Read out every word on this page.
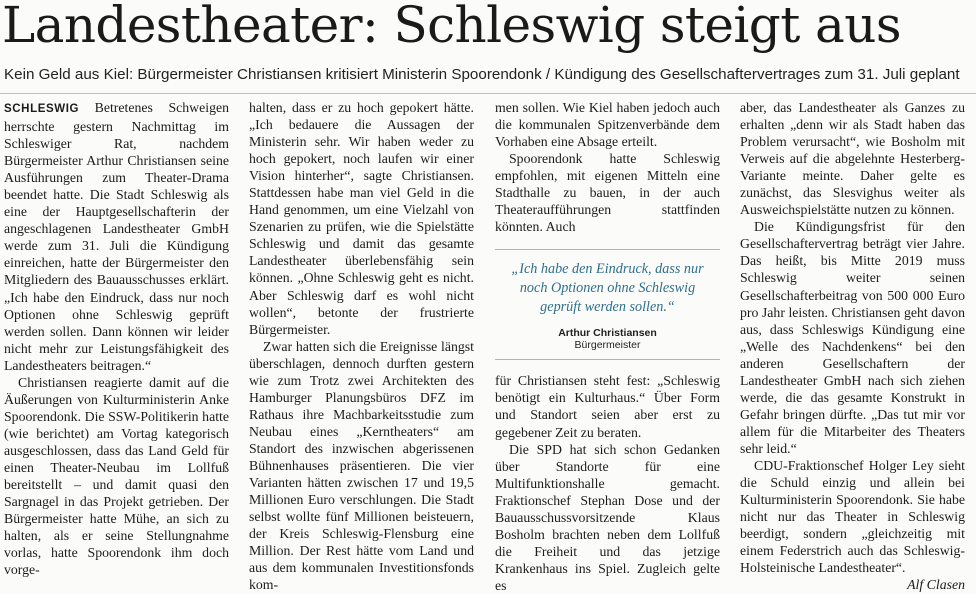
Landestheater: Schleswig steigt aus
Kein Geld aus Kiel: Bürgermeister Christiansen kritisiert Ministerin Spoorendonk / Kündigung des Gesellschaftervertrages zum 31. Juli geplant

SCHLESWIG Betretenes Schweigen herrschte gestern Nachmittag im Schleswiger Rat, nachdem Bürgermeister Arthur Christiansen seine Ausführungen zum Theater-Drama beendet hatte. Die Stadt Schleswig als eine der Hauptgesellschafterin der angeschlagenen Landestheater GmbH werde zum 31. Juli die Kündigung einreichen, hatte der Bürgermeister den Mitgliedern des Bauausschusses erklärt. „Ich habe den Eindruck, dass nur noch Optionen ohne Schleswig geprüft werden sollen. Dann können wir leider nicht mehr zur Leistungsfähigkeit des Landestheaters beitragen.“

Christiansen reagierte damit auf die Äußerungen von Kulturministerin Anke Spoorendonk. Die SSW-Politikerin hatte (wie berichtet) am Vortag kategorisch ausgeschlossen, dass das Land Geld für einen Theater-Neubau im Lollfuß bereitstellt – und damit quasi den Sargnagel in das Projekt getrieben. Der Bürgermeister hatte Mühe, an sich zu halten, als er seine Stellungnahme vorlas, hatte Spoorendonk ihm doch vorge-

halten, dass er zu hoch gepokert hätte. „Ich bedauere die Aussagen der Ministerin sehr. Wir haben weder zu hoch gepokert, noch laufen wir einer Vision hinterher“, sagte Christiansen. Stattdessen habe man viel Geld in die Hand genommen, um eine Vielzahl von Szenarien zu prüfen, wie die Spielstätte Schleswig und damit das gesamte Landestheater überlebensfähig sein können. „Ohne Schleswig geht es nicht. Aber Schleswig darf es wohl nicht wollen“, betonte der frustrierte Bürgermeister.

Zwar hatten sich die Ereignisse längst überschlagen, dennoch durften gestern wie zum Trotz zwei Architekten des Hamburger Planungsbüros DFZ im Rathaus ihre Machbarkeitsstudie zum Neubau eines „Kerntheaters“ am Standort des inzwischen abgerissenen Bühnenhauses präsentieren. Die vier Varianten hätten zwischen 17 und 19,5 Millionen Euro verschlungen. Die Stadt selbst wollte fünf Millionen beisteuern, der Kreis Schleswig-Flensburg eine Million. Der Rest hätte vom Land und aus dem kommunalen Investitionsfonds kom-

men sollen. Wie Kiel haben jedoch auch die kommunalen Spitzenverbände dem Vorhaben eine Absage erteilt.

Spoorendonk hatte Schleswig empfohlen, mit eigenen Mitteln eine Stadthalle zu bauen, in der auch Theateraufführungen stattfinden könnten. Auch

„Ich habe den Eindruck, dass nur noch Optionen ohne Schleswig geprüft werden sollen.“
Arthur Christiansen
Bürgermeister

für Christiansen steht fest: „Schleswig benötigt ein Kulturhaus.“ Über Form und Standort seien aber erst zu gegebener Zeit zu beraten.

Die SPD hat sich schon Gedanken über Standorte für eine Multifunktionshalle gemacht. Fraktionschef Stephan Dose und der Bauausschussvorsitzende Klaus Bosholm brachten neben dem Lollfuß die Freiheit und das jetzige Krankenhaus ins Spiel. Zugleich gelte es

aber, das Landestheater als Ganzes zu erhalten „denn wir als Stadt haben das Problem verursacht“, wie Bosholm mit Verweis auf die abgelehnte Hesterberg-Variante meinte. Daher gelte es zunächst, das Slesvighus weiter als Ausweichspielstätte nutzen zu können.

Die Kündigungsfrist für den Gesellschaftervertrag beträgt vier Jahre. Das heißt, bis Mitte 2019 muss Schleswig weiter seinen Gesellschafterbeitrag von 500 000 Euro pro Jahr leisten. Christiansen geht davon aus, dass Schleswigs Kündigung eine „Welle des Nachdenkens“ bei den anderen Gesellschaftern der Landestheater GmbH nach sich ziehen werde, die das gesamte Konstrukt in Gefahr bringen dürfte. „Das tut mir vor allem für die Mitarbeiter des Theaters sehr leid.“

CDU-Fraktionschef Holger Ley sieht die Schuld einzig und allein bei Kulturministerin Spoorendonk. Sie habe nicht nur das Theater in Schleswig beerdigt, sondern „gleichzeitig mit einem Federstrich auch das Schleswig-Holsteinische Landestheater“.
Alf Clasen
